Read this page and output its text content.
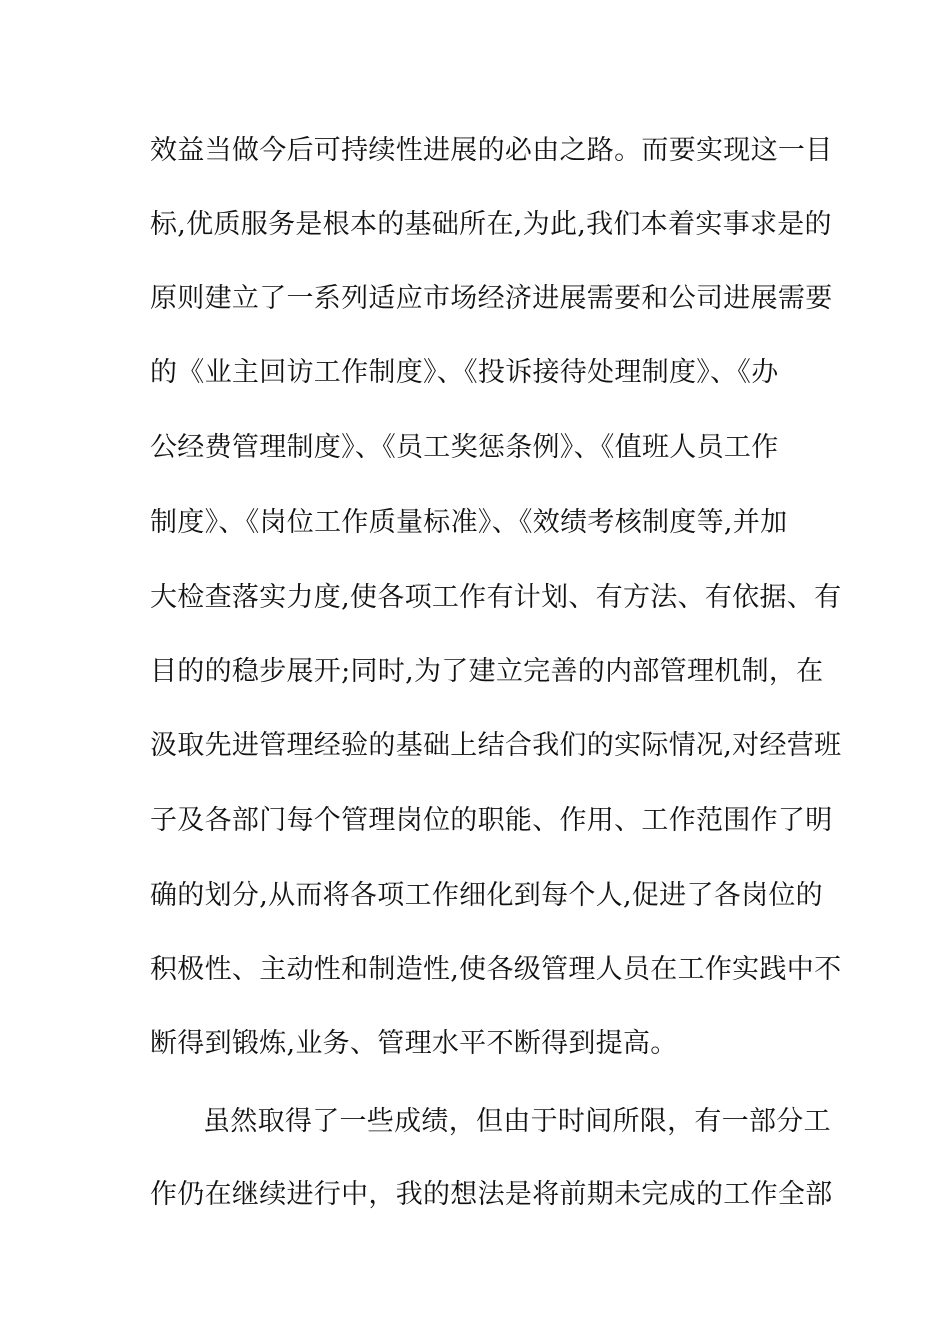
效益当做今后可持续性进展的必由之路。而要实现这一目
标,优质服务是根本的基础所在,为此,我们本着实事求是的
原则建立了一系列适应市场经济进展需要和公司进展需要
的《业主回访工作制度》、《投诉接待处理制度》、《办
公经费管理制度》、《员工奖惩条例》、《值班人员工作
制度》、《岗位工作质量标准》、《效绩考核制度等,并加
大检查落实力度,使各项工作有计划、有方法、有依据、有
目的的稳步展开;同时,为了建立完善的内部管理机制，在
汲取先进管理经验的基础上结合我们的实际情况,对经营班
子及各部门每个管理岗位的职能、作用、工作范围作了明
确的划分,从而将各项工作细化到每个人,促进了各岗位的
积极性、主动性和制造性,使各级管理人员在工作实践中不
断得到锻炼,业务、管理水平不断得到提高。
虽然取得了一些成绩，但由于时间所限，有一部分工
作仍在继续进行中，我的想法是将前期未完成的工作全部
